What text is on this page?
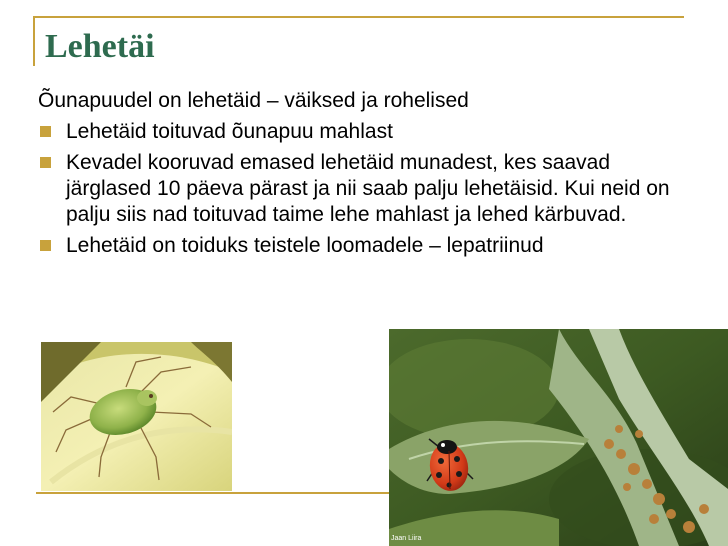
Lehetäi

Õunapuudel on lehetäid – väiksed ja rohelised

Lehetäid toituvad õunapuu mahlast
Kevadel kooruvad emased lehetäid munadest, kes saavad järglased 10 päeva pärast ja nii saab palju lehetäisid. Kui neid on palju siis nad toituvad taime lehe mahlast ja lehed kärbuvad.
Lehetäid on toiduks teistele loomadele – lepatriinud
Jaan Liira
